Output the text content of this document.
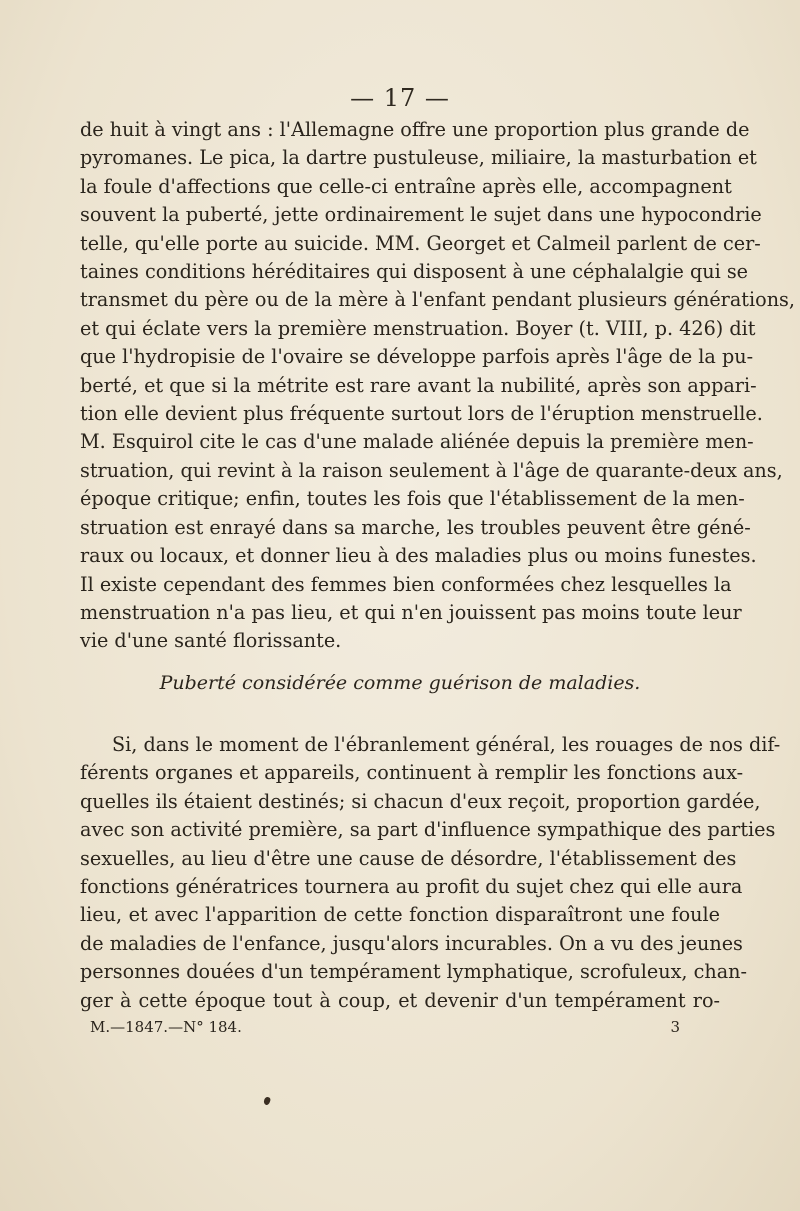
— 17 —
de huit à vingt ans : l'Allemagne offre une proportion plus grande de
pyromanes. Le pica, la dartre pustuleuse, miliaire, la masturbation et
la foule d'affections que celle-ci entraîne après elle, accompagnent
souvent la puberté, jette ordinairement le sujet dans une hypocondrie
telle, qu'elle porte au suicide. MM. Georget et Calmeil parlent de cer-
taines conditions héréditaires qui disposent à une céphalalgie qui se
transmet du père ou de la mère à l'enfant pendant plusieurs générations,
et qui éclate vers la première menstruation. Boyer (t. VIII, p. 426) dit
que l'hydropisie de l'ovaire se développe parfois après l'âge de la pu-
berté, et que si la métrite est rare avant la nubilité, après son appari-
tion elle devient plus fréquente surtout lors de l'éruption menstruelle.
M. Esquirol cite le cas d'une malade aliénée depuis la première men-
struation, qui revint à la raison seulement à l'âge de quarante-deux ans,
époque critique; enfin, toutes les fois que l'établissement de la men-
struation est enrayé dans sa marche, les troubles peuvent être géné-
raux ou locaux, et donner lieu à des maladies plus ou moins funestes.
Il existe cependant des femmes bien conformées chez lesquelles la
menstruation n'a pas lieu, et qui n'en jouissent pas moins toute leur
vie d'une santé florissante.
Puberté considérée comme guérison de maladies.
Si, dans le moment de l'ébranlement général, les rouages de nos dif-
férents organes et appareils, continuent à remplir les fonctions aux-
quelles ils étaient destinés; si chacun d'eux reçoit, proportion gardée,
avec son activité première, sa part d'influence sympathique des parties
sexuelles, au lieu d'être une cause de désordre, l'établissement des
fonctions génératrices tournera au profit du sujet chez qui elle aura
lieu, et avec l'apparition de cette fonction disparaîtront une foule
de maladies de l'enfance, jusqu'alors incurables. On a vu des jeunes
personnes douées d'un tempérament lymphatique, scrofuleux, chan-
ger à cette époque tout à coup, et devenir d'un tempérament ro-
M.—1847.—N° 184.	3
